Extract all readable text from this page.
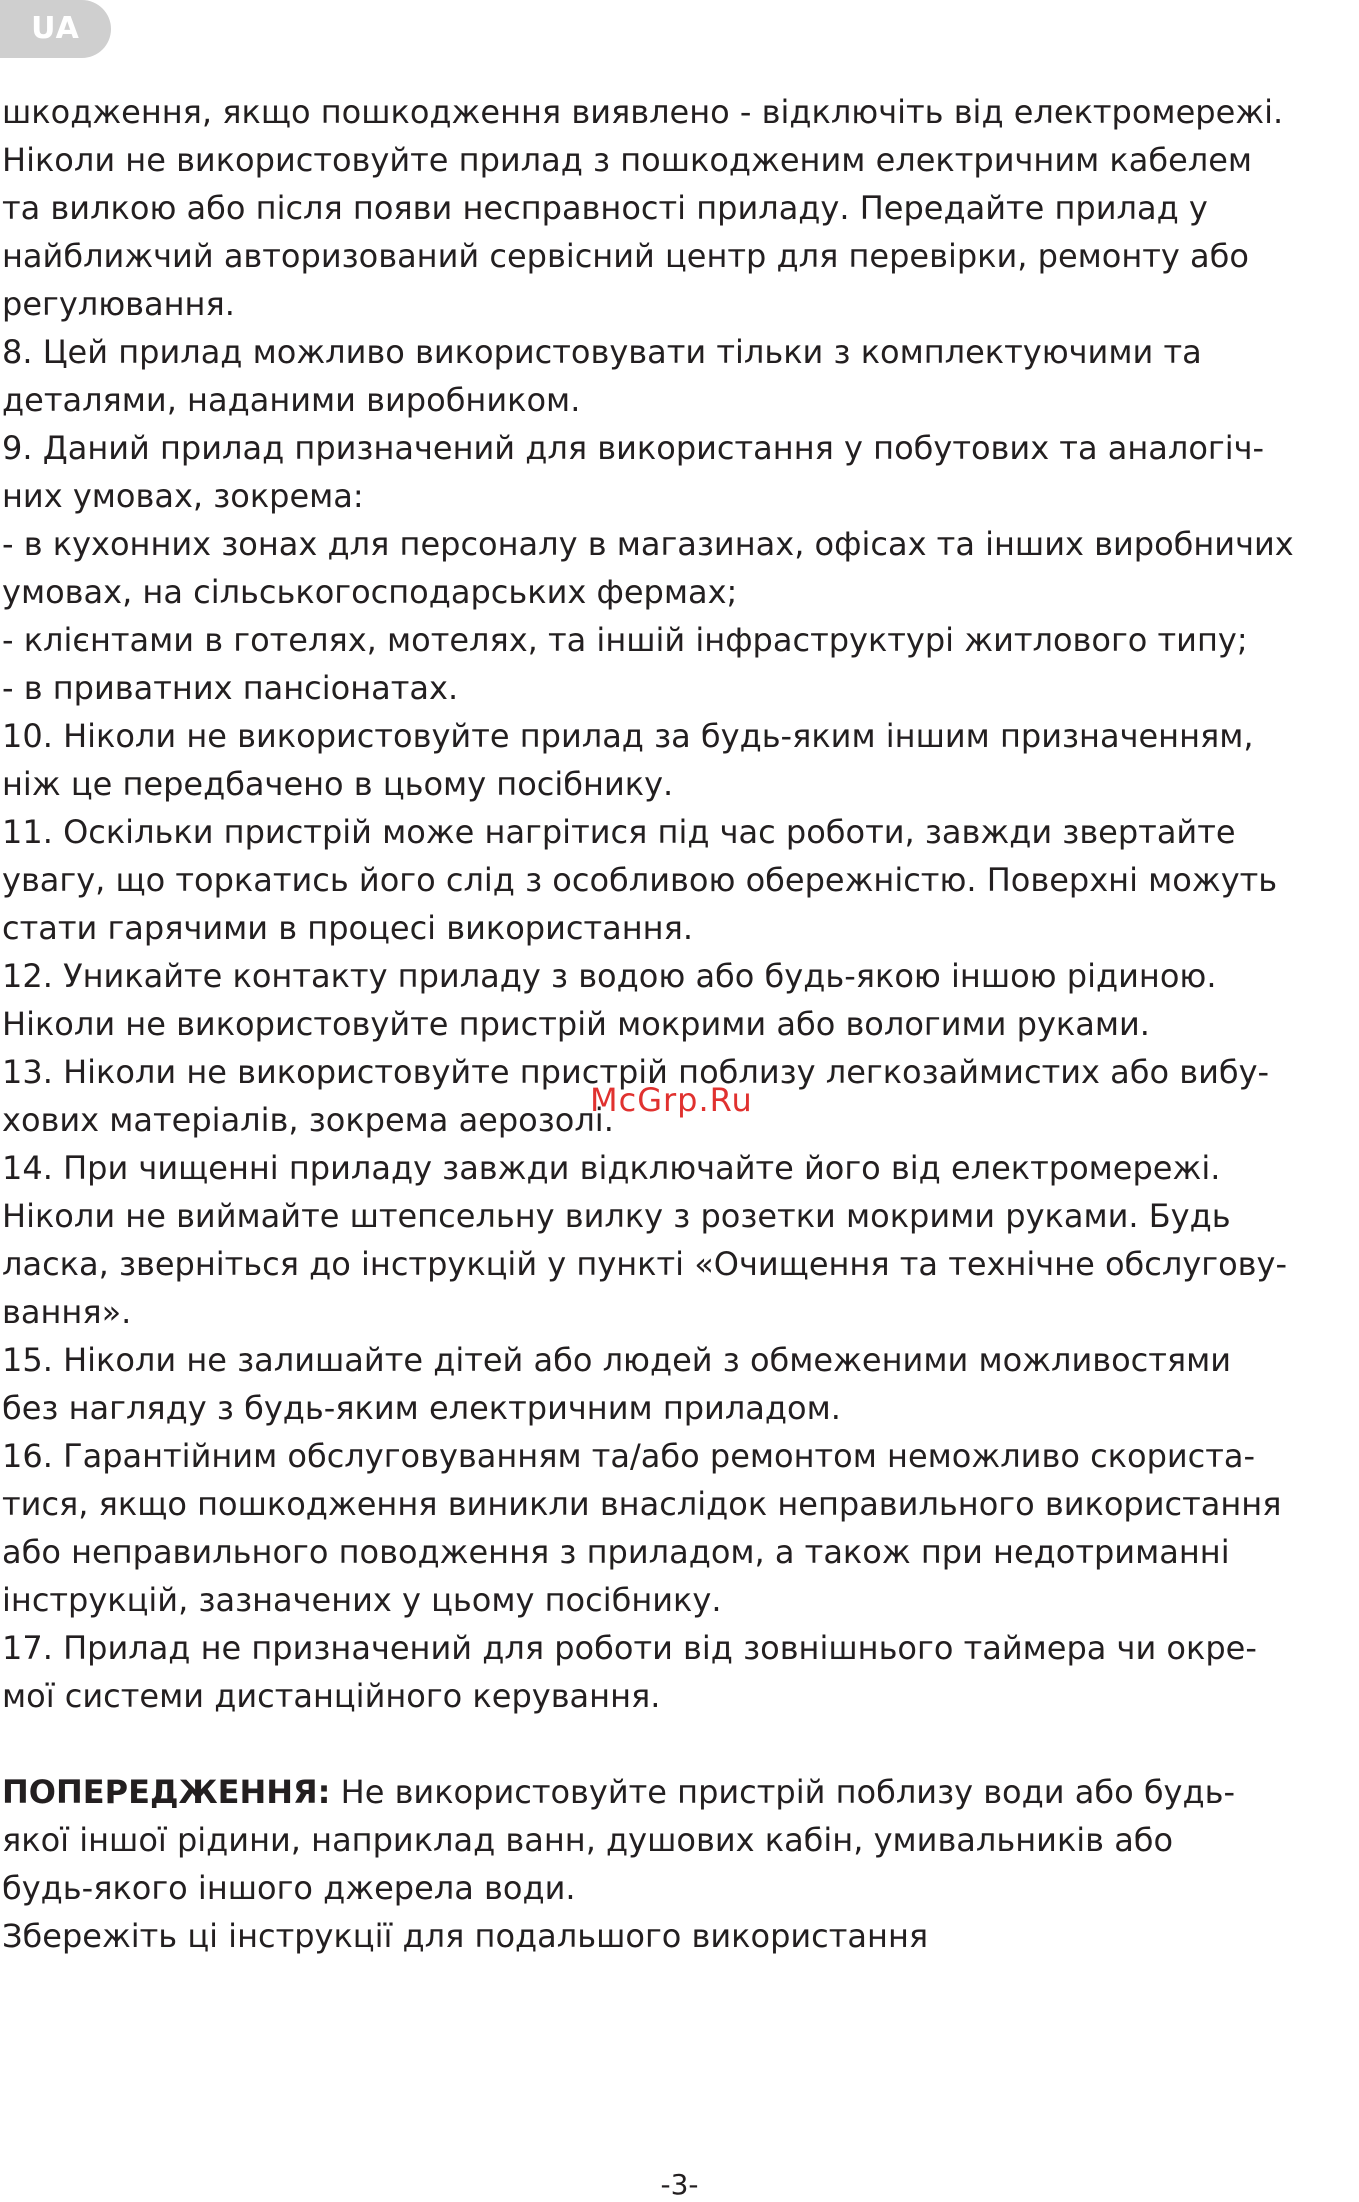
UA
шкодження, якщо пошкодження виявлено - відключіть від електромережі.
Ніколи не використовуйте прилад з пошкодженим електричним кабелем
та вилкою або після появи несправності приладу. Передайте прилад у
найближчий авторизований сервісний центр для перевірки, ремонту або
регулювання.
8. Цей прилад можливо використовувати тільки з комплектуючими та
деталями, наданими виробником.
9. Даний прилад призначений для використання у побутових та аналогіч-
них умовах, зокрема:
- в кухонних зонах для персоналу в магазинах, офісах та інших виробничих
умовах, на сільськогосподарських фермах;
- клієнтами в готелях, мотелях, та іншій інфраструктурі житлового типу;
- в приватних пансіонатах.
10. Ніколи не використовуйте прилад за будь-яким іншим призначенням,
ніж це передбачено в цьому посібнику.
11. Оскільки пристрій може нагрітися під час роботи, завжди звертайте
увагу, що торкатись його слід з особливою обережністю. Поверхні можуть
стати гарячими в процесі використання.
12. Уникайте контакту приладу з водою або будь-якою іншою рідиною.
Ніколи не використовуйте пристрій мокрими або вологими руками.
13. Ніколи не використовуйте пристрій поблизу легкозаймистих або вибу-
хових матеріалів, зокрема аерозолі.
14. При чищенні приладу завжди відключайте його від електромережі.
Ніколи не виймайте штепсельну вилку з розетки мокрими руками. Будь
ласка, зверніться до інструкцій у пункті «Очищення та технічне обслугову-
вання».
15. Ніколи не залишайте дітей або людей з обмеженими можливостями
без нагляду з будь-яким електричним приладом.
16. Гарантійним обслуговуванням та/або ремонтом неможливо скориста-
тися, якщо пошкодження виникли внаслідок неправильного використання
або неправильного поводження з приладом, а також при недотриманні
інструкцій, зазначених у цьому посібнику.
17. Прилад не призначений для роботи від зовнішнього таймера чи окре-
мої системи дистанційного керування.
ПОПЕРЕДЖЕННЯ: Не використовуйте пристрій поблизу води або будь-
якої іншої рідини, наприклад ванн, душових кабін, умивальників або
будь-якого іншого джерела води.
Збережіть ці інструкції для подальшого використання
McGrp.Ru
-3-
